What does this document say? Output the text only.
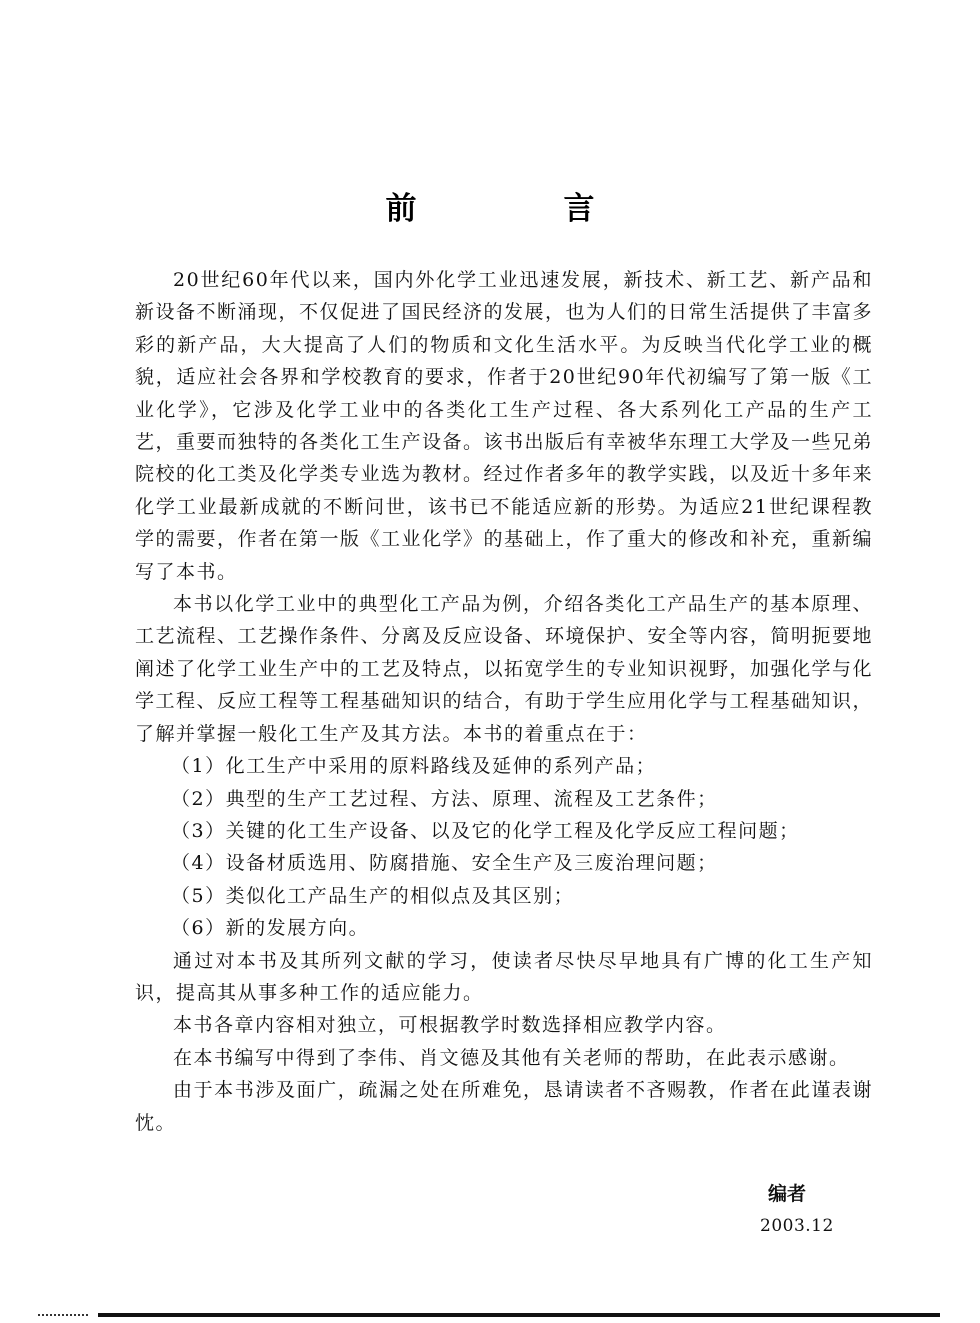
前　言

20世纪60年代以来，国内外化学工业迅速发展，新技术、新工艺、新产品和新设备不断涌现，不仅促进了国民经济的发展，也为人们的日常生活提供了丰富多彩的新产品，大大提高了人们的物质和文化生活水平。为反映当代化学工业的概貌，适应社会各界和学校教育的要求，作者于20世纪90年代初编写了第一版《工业化学》，它涉及化学工业中的各类化工生产过程、各大系列化工产品的生产工艺，重要而独特的各类化工生产设备。该书出版后有幸被华东理工大学及一些兄弟院校的化工类及化学类专业选为教材。经过作者多年的教学实践，以及近十多年来化学工业最新成就的不断问世，该书已不能适应新的形势。为适应21世纪课程教学的需要，作者在第一版《工业化学》的基础上，作了重大的修改和补充，重新编写了本书。

本书以化学工业中的典型化工产品为例，介绍各类化工产品生产的基本原理、工艺流程、工艺操作条件、分离及反应设备、环境保护、安全等内容，简明扼要地阐述了化学工业生产中的工艺及特点，以拓宽学生的专业知识视野，加强化学与化学工程、反应工程等工程基础知识的结合，有助于学生应用化学与工程基础知识，了解并掌握一般化工生产及其方法。本书的着重点在于：

（1）化工生产中采用的原料路线及延伸的系列产品；

（2）典型的生产工艺过程、方法、原理、流程及工艺条件；

（3）关键的化工生产设备、以及它的化学工程及化学反应工程问题；

（4）设备材质选用、防腐措施、安全生产及三废治理问题；

（5）类似化工产品生产的相似点及其区别；

（6）新的发展方向。

通过对本书及其所列文献的学习，使读者尽快尽早地具有广博的化工生产知识，提高其从事多种工作的适应能力。

本书各章内容相对独立，可根据教学时数选择相应教学内容。

在本书编写中得到了李伟、肖文德及其他有关老师的帮助，在此表示感谢。

由于本书涉及面广，疏漏之处在所难免，恳请读者不吝赐教，作者在此谨表谢忱。

编者
2003.12
